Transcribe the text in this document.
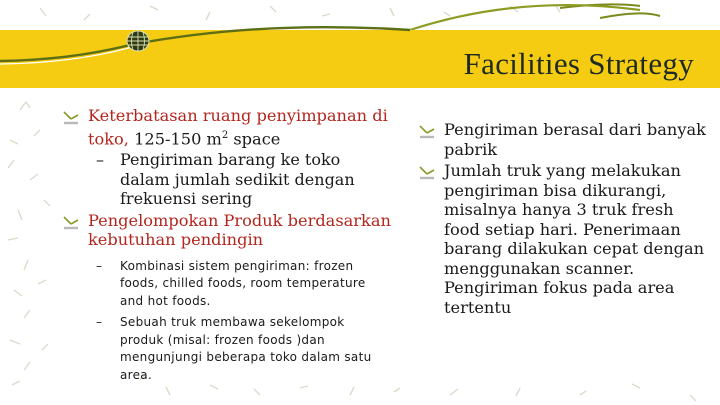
Facilities Strategy
Keterbatasan ruang penyimpanan di toko, 125-150 $m^2$ space
– Pengiriman barang ke toko dalam jumlah sedikit dengan frekuensi sering
Pengelompokan Produk berdasarkan kebutuhan pendingin
– Kombinasi sistem pengiriman: frozen foods, chilled foods, room temperature and hot foods.
– Sebuah truk membawa sekelompok produk (misal: frozen foods )dan mengunjungi beberapa toko dalam satu area.
Pengiriman berasal dari banyak pabrik
Jumlah truk yang melakukan pengiriman bisa dikurangi, misalnya hanya 3 truk fresh food setiap hari. Penerimaan barang dilakukan cepat dengan menggunakan scanner. Pengiriman fokus pada area tertentu
